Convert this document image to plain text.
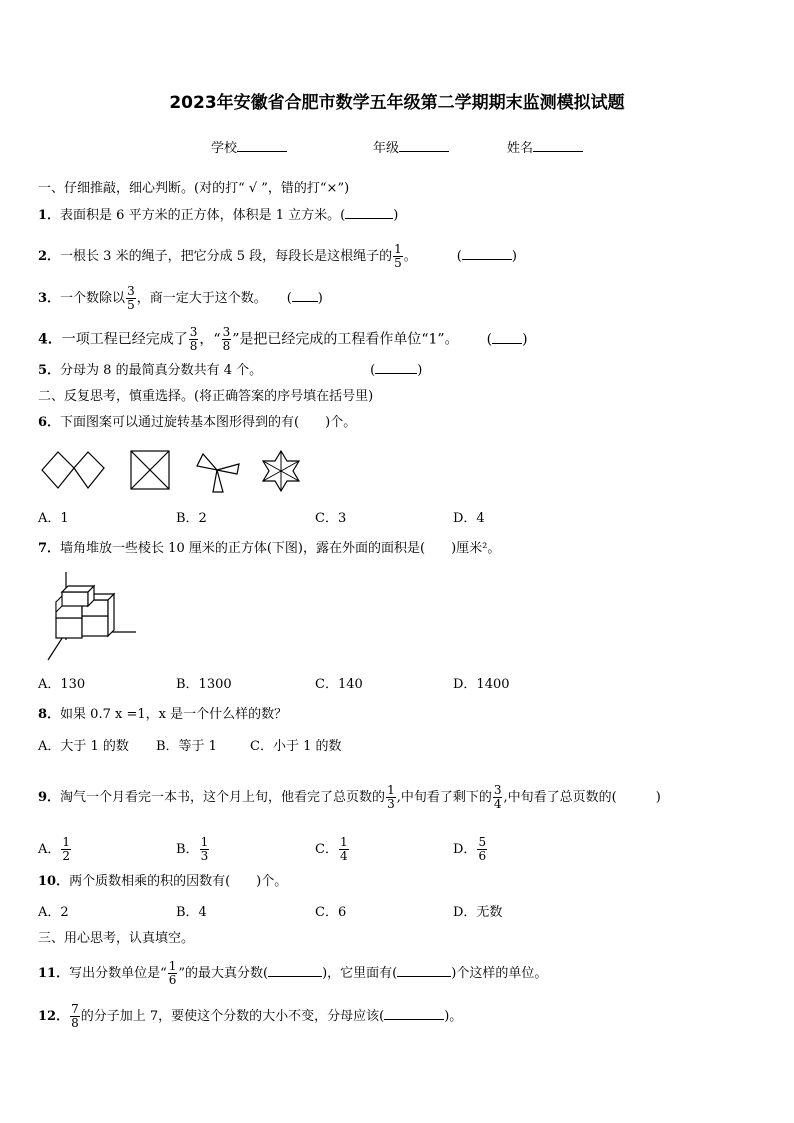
2023年安徽省合肥市数学五年级第二学期期末监测模拟试题
学校	年级	姓名
一、仔细推敲，细心判断。(对的打“ √ ”，错的打“×”)
1．表面积是 6 平方米的正方体，体积是 1 立方米。(	)
2．一根长 3 米的绳子，把它分成 5 段，每段长是这根绳子的 $\frac{1}{5}$ 。	(	)
3．一个数除以 $\frac{3}{5}$ ，商一定大于这个数。 ( )
4．一项工程已经完成了 $\frac{3}{8}$ ，“ $\frac{3}{8}$ ”是把已经完成的工程看作单位“1”。 ( )
5．分母为 8 的最简真分数共有 4 个。	(	)
二、反复思考，慎重选择。(将正确答案的序号填在括号里)
6．下面图案可以通过旋转基本图形得到的有(　　)个。
A．1	B．2	C．3	D．4
7．墙角堆放一些棱长 10 厘米的正方体(下图)，露在外面的面积是(　　)厘米²。
A．130	B．1300	C．140	D．1400
8．如果 0.7 x =1，x 是一个什么样的数？
A．大于 1 的数 B．等于 1	C．小于 1 的数
9．淘气一个月看完一本书，这个月上旬，他看完了总页数的 $\frac{1}{3}$ ,中旬看了剩下的 $\frac{3}{4}$ ,中旬看了总页数的(　　　)
A． $\frac{1}{2}$	B． $\frac{1}{3}$	C． $\frac{1}{4}$	D． $\frac{5}{6}$
10．两个质数相乘的积的因数有(　　)个。
A．2	B．4	C．6	D．无数
三、用心思考，认真填空。
11．写出分数单位是“ $\frac{1}{6}$ ”的最大真分数(	)，它里面有(	)个这样的单位。
12． $\frac{7}{8}$ 的分子加上 7，要使这个分数的大小不变，分母应该(	)。
